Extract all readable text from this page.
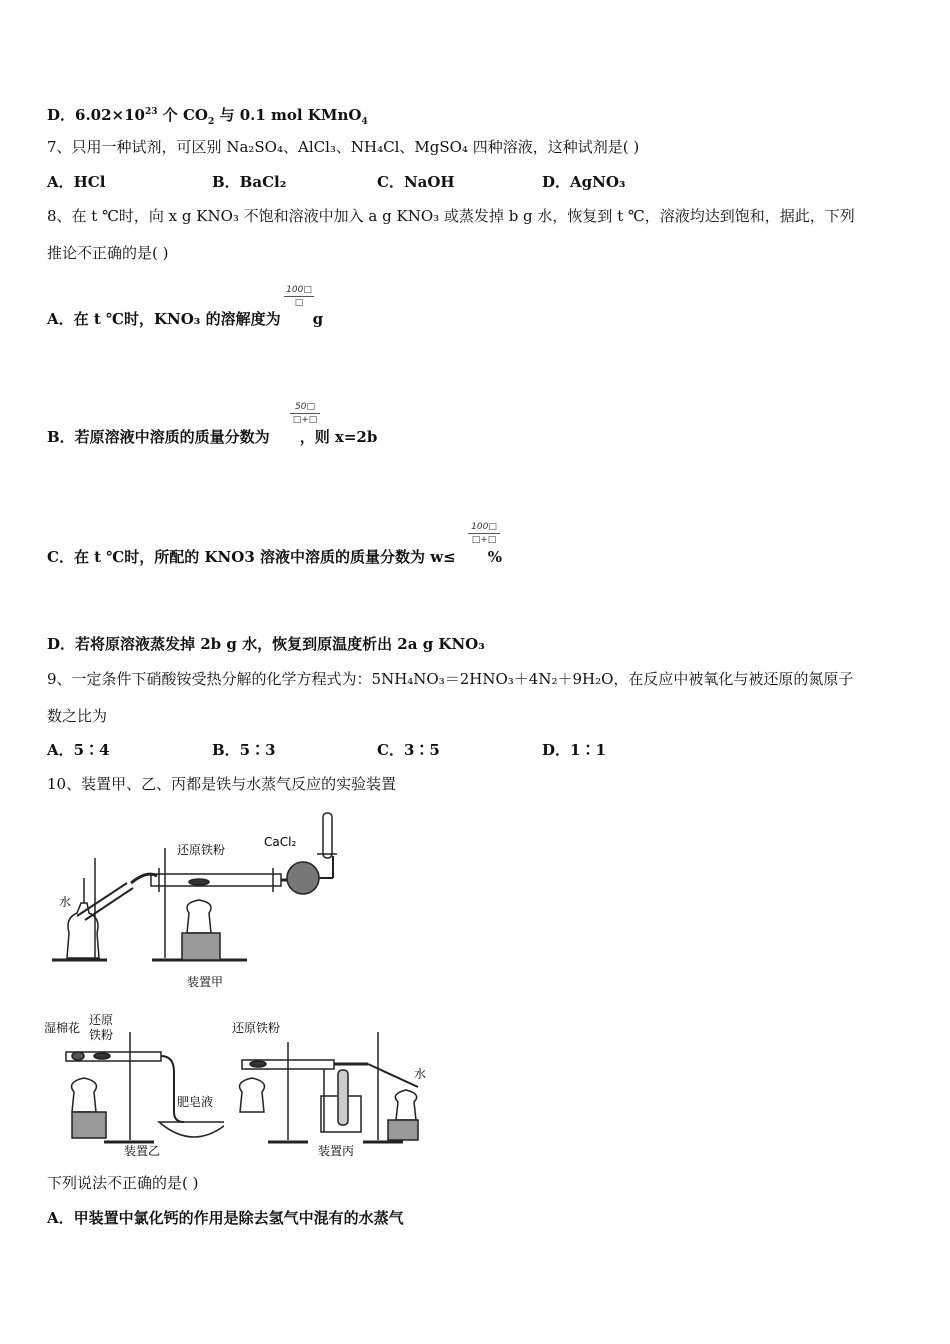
D．$6.02\times 10^{23}$ 个 $CO_2$ 与 0.1 mol KMnO$_4$
7、只用一种试剂，可区别 Na₂SO₄、AlCl₃、NH₄Cl、MgSO₄ 四种溶液，这种试剂是( )
A．HCl	B．BaCl₂	C．NaOH	D．AgNO₃
8、在 t ℃时，向 x g KNO₃ 不饱和溶液中加入 a g KNO₃ 或蒸发掉 b g 水，恢复到 t ℃，溶液均达到饱和，据此，下列
推论不正确的是( )
100□
□
A．在 t ℃时，KNO₃ 的溶解度为 g
50□
□+□
B．若原溶液中溶质的质量分数为 ，则 x=2b
100□
□+□
C．在 t ℃时，所配的 KNO3 溶液中溶质的质量分数为 w≤ %
D．若将原溶液蒸发掉 2b g 水，恢复到原温度析出 2a g KNO₃
9、一定条件下硝酸铵受热分解的化学方程式为：5NH₄NO₃＝2HNO₃＋4N₂＋9H₂O，在反应中被氧化与被还原的氮原子
数之比为
A．5∶4	B．5∶3	C．3∶5	D．1∶1
10、装置甲、乙、丙都是铁与水蒸气反应的实验装置
水
还原铁粉
CaCl₂
装置甲
湿棉花
还原
铁粉
肥皂液
装置乙
还原铁粉
水
装置丙
下列说法不正确的是( )
A．甲装置中氯化钙的作用是除去氢气中混有的水蒸气
